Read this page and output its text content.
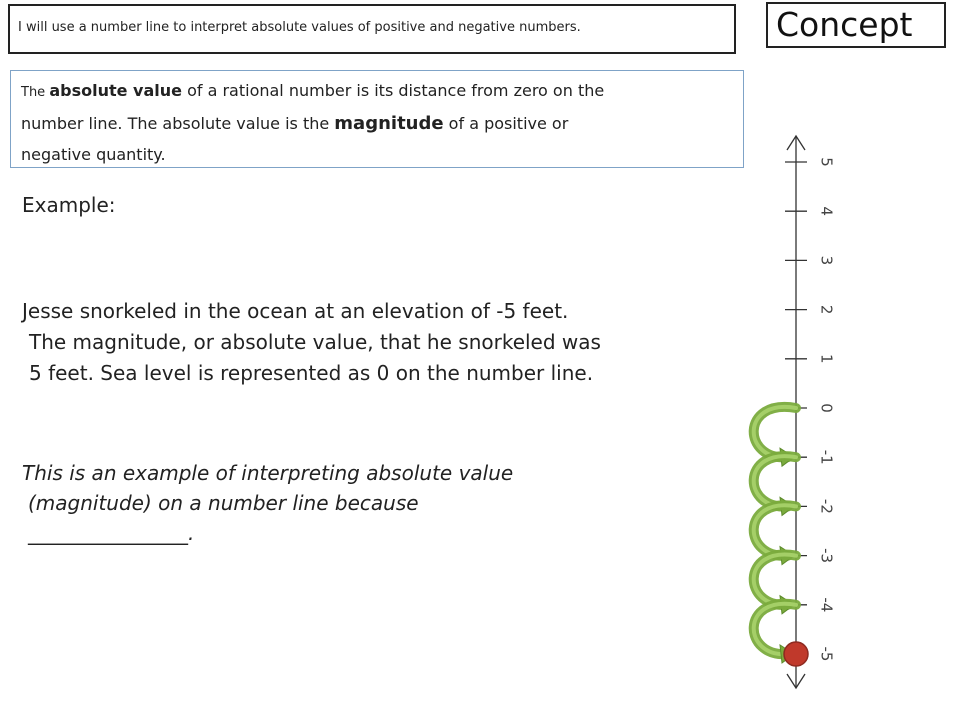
I will use a number line to interpret absolute values of positive and negative numbers.	Concept
The absolute value of a rational number is its distance from zero on the
number line. The absolute value is the magnitude of a positive or
negative quantity.
Example:
Jesse snorkeled in the ocean at an elevation of -5 feet.
The magnitude, or absolute value, that he snorkeled was
5 feet. Sea level is represented as 0 on the number line.
This is an example of interpreting absolute value
(magnitude) on a number line because
________________.
-5
-4
-3
-2
-1
0
1
2
3
4
5
